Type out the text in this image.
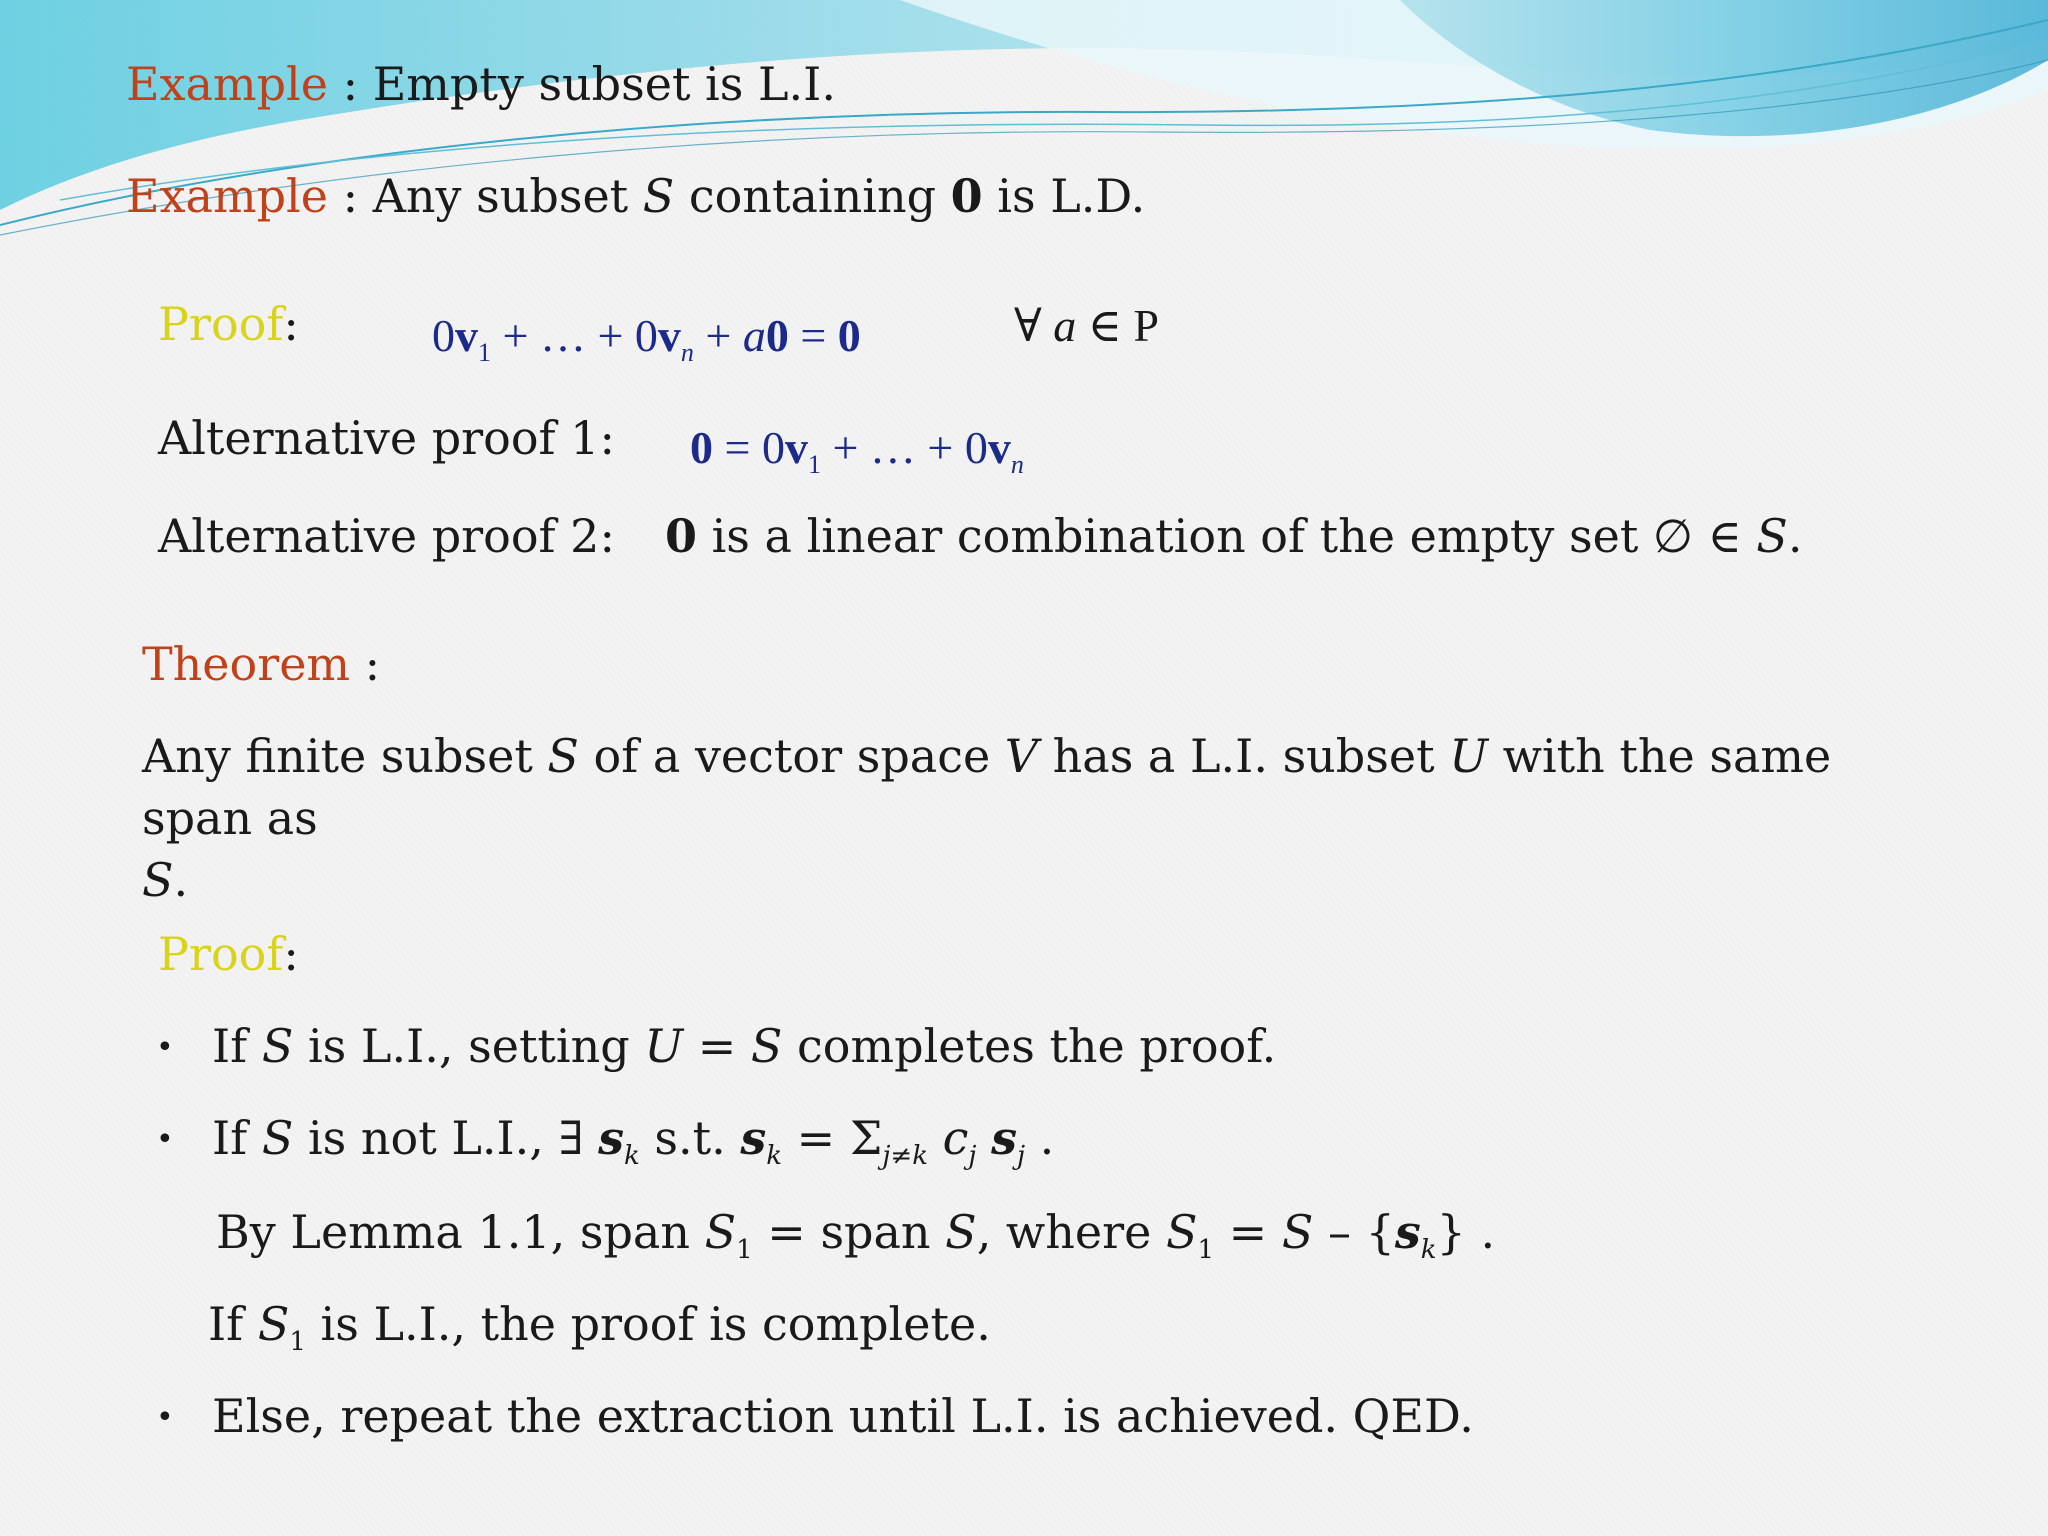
Example : Empty subset is L.I.
Example : Any subset S containing 0 is L.D.
Proof:	$0v_1$ + … + $0v_n + a0 = 0$	∀ a ∈ P
Alternative proof 1: $0 = 0v_1$ + … + $0v_n$
Alternative proof 2: 0 is a linear combination of the empty set ∅ ∈ S.
Theorem :
Any finite subset S of a vector space V has a L.I. subset U with the same span as
S.
Proof:
• If S is L.I., setting U = S completes the proof.
• If S is not L.I., ∃ $s_k$ s.t. $s_k = \Sigma_{j\ne k}$ $c_j$ $s_j$ .
By Lemma 1.1, span $S_1$ = span S, where $S_1 = S - \{s_k\}$ .
If $S_1$ is L.I., the proof is complete.
• Else, repeat the extraction until L.I. is achieved. QED.
